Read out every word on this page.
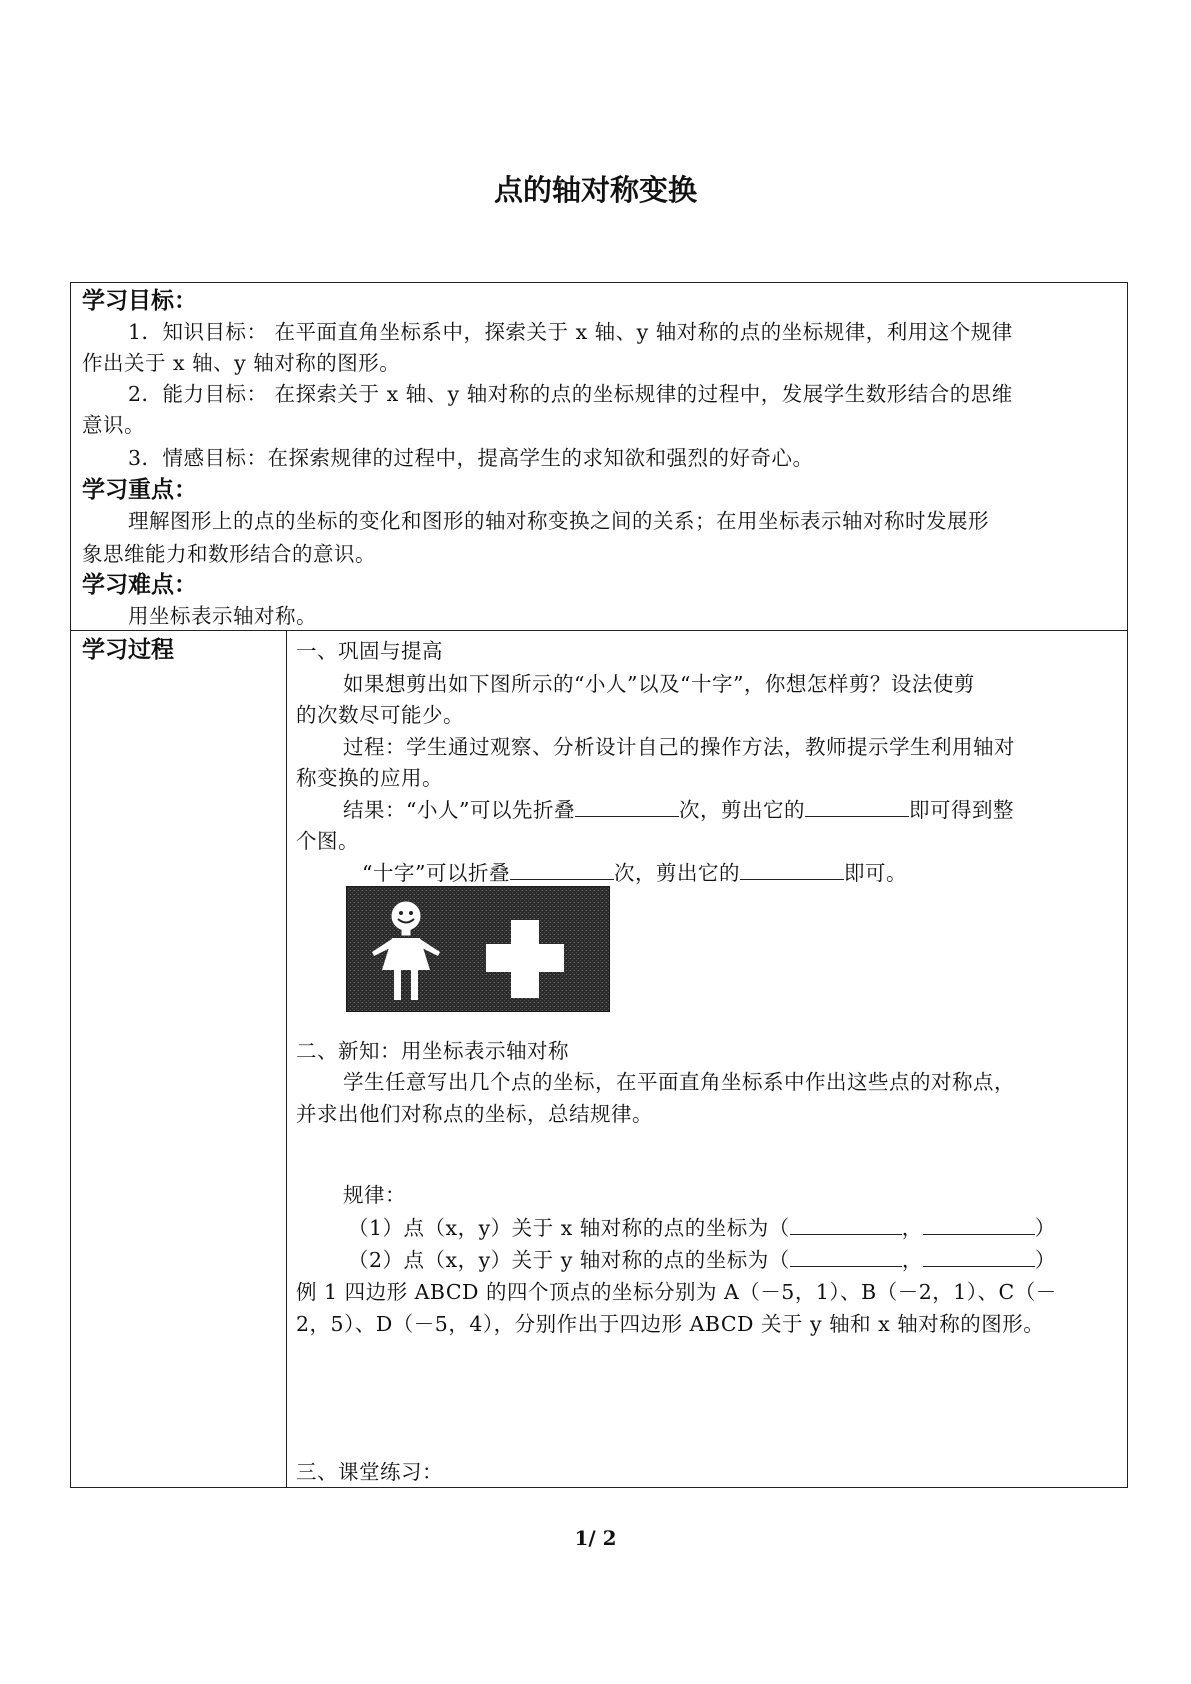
点的轴对称变换
学习目标：
1．知识目标： 在平面直角坐标系中，探索关于 x 轴、y 轴对称的点的坐标规律，利用这个规律
作出关于 x 轴、y 轴对称的图形。
2．能力目标： 在探索关于 x 轴、y 轴对称的点的坐标规律的过程中，发展学生数形结合的思维
意识。
3．情感目标：在探索规律的过程中，提高学生的求知欲和强烈的好奇心。
学习重点：
理解图形上的点的坐标的变化和图形的轴对称变换之间的关系；在用坐标表示轴对称时发展形
象思维能力和数形结合的意识。
学习难点：
用坐标表示轴对称。
学习过程	一、巩固与提高
如果想剪出如下图所示的“小人”以及“十字”，你想怎样剪？设法使剪
的次数尽可能少。
过程：学生通过观察、分析设计自己的操作方法，教师提示学生利用轴对
称变换的应用。
结果：“小人”可以先折叠	次，剪出它的	即可得到整
个图。
“十字”可以折叠	次，剪出它的	即可。
二、新知：用坐标表示轴对称
学生任意写出几个点的坐标，在平面直角坐标系中作出这些点的对称点，
并求出他们对称点的坐标，总结规律。
规律：
（1）点（x，y）关于 x 轴对称的点的坐标为（	，	）
（2）点（x，y）关于 y 轴对称的点的坐标为（	，	）
例 1 四边形 ABCD 的四个顶点的坐标分别为 A（－5，1）、B（－2，1）、C（－
2，5）、D（－5，4），分别作出于四边形 ABCD 关于 y 轴和 x 轴对称的图形。
三、课堂练习：
1/ 2
